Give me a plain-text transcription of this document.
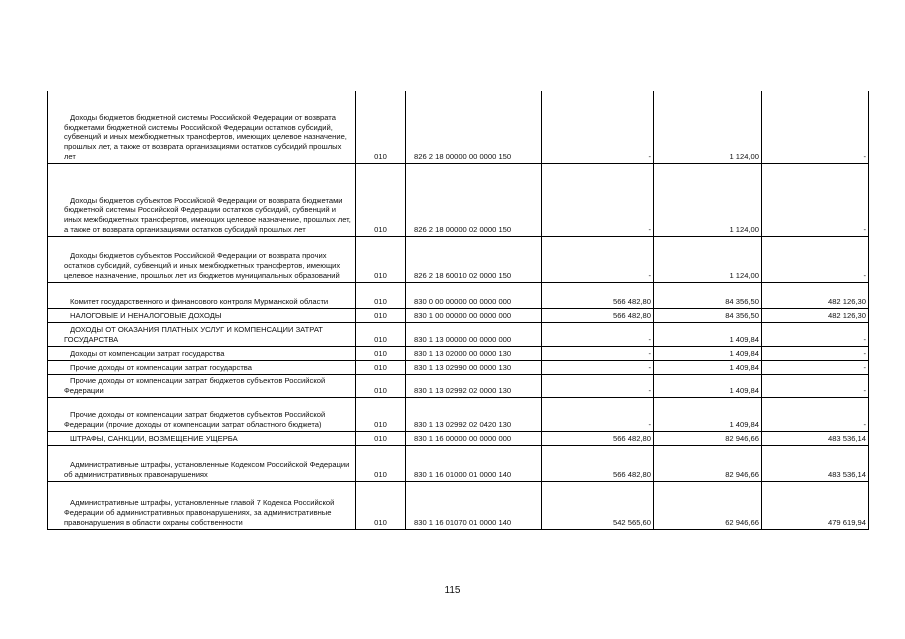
Доходы бюджетов бюджетной системы Российской Федерации от возврата бюджетами бюджетной системы Российской Федерации остатков субсидий, субвенций и иных межбюджетных трансфертов, имеющих целевое назначение, прошлых лет, а также от возврата организациями остатков субсидий прошлых лет	010	826 2 18 00000 00 0000 150	-	1 124,00	-
Доходы бюджетов субъектов Российской Федерации от возврата бюджетами бюджетной системы Российской Федерации остатков субсидий, субвенций и иных межбюджетных трансфертов, имеющих целевое назначение, прошлых лет, а также от возврата организациями остатков субсидий прошлых лет	010	826 2 18 00000 02 0000 150	-	1 124,00	-
Доходы бюджетов субъектов Российской Федерации от возврата прочих остатков субсидий, субвенций и иных межбюджетных трансфертов, имеющих целевое назначение, прошлых лет из бюджетов муниципальных образований	010	826 2 18 60010 02 0000 150	-	1 124,00	-
Комитет государственного и финансового контроля Мурманской области	010	830 0 00 00000 00 0000 000	566 482,80	84 356,50	482 126,30
НАЛОГОВЫЕ И НЕНАЛОГОВЫЕ ДОХОДЫ	010	830 1 00 00000 00 0000 000	566 482,80	84 356,50	482 126,30
ДОХОДЫ ОТ ОКАЗАНИЯ ПЛАТНЫХ УСЛУГ И КОМПЕНСАЦИИ ЗАТРАТ ГОСУДАРСТВА	010	830 1 13 00000 00 0000 000	-	1 409,84	-
Доходы от компенсации затрат государства	010	830 1 13 02000 00 0000 130	-	1 409,84	-
Прочие доходы от компенсации затрат государства	010	830 1 13 02990 00 0000 130	-	1 409,84	-
Прочие доходы от компенсации затрат бюджетов субъектов Российской Федерации	010	830 1 13 02992 02 0000 130	-	1 409,84	-
Прочие доходы от компенсации затрат бюджетов субъектов Российской Федерации (прочие доходы от компенсации затрат областного бюджета)	010	830 1 13 02992 02 0420 130	-	1 409,84	-
ШТРАФЫ, САНКЦИИ, ВОЗМЕЩЕНИЕ УЩЕРБА	010	830 1 16 00000 00 0000 000	566 482,80	82 946,66	483 536,14
Административные штрафы, установленные Кодексом Российской Федерации об административных правонарушениях	010	830 1 16 01000 01 0000 140	566 482,80	82 946,66	483 536,14
Административные штрафы, установленные главой 7 Кодекса Российской Федерации об административных правонарушениях, за административные правонарушения в области охраны собственности	010	830 1 16 01070 01 0000 140	542 565,60	62 946,66	479 619,94
115
